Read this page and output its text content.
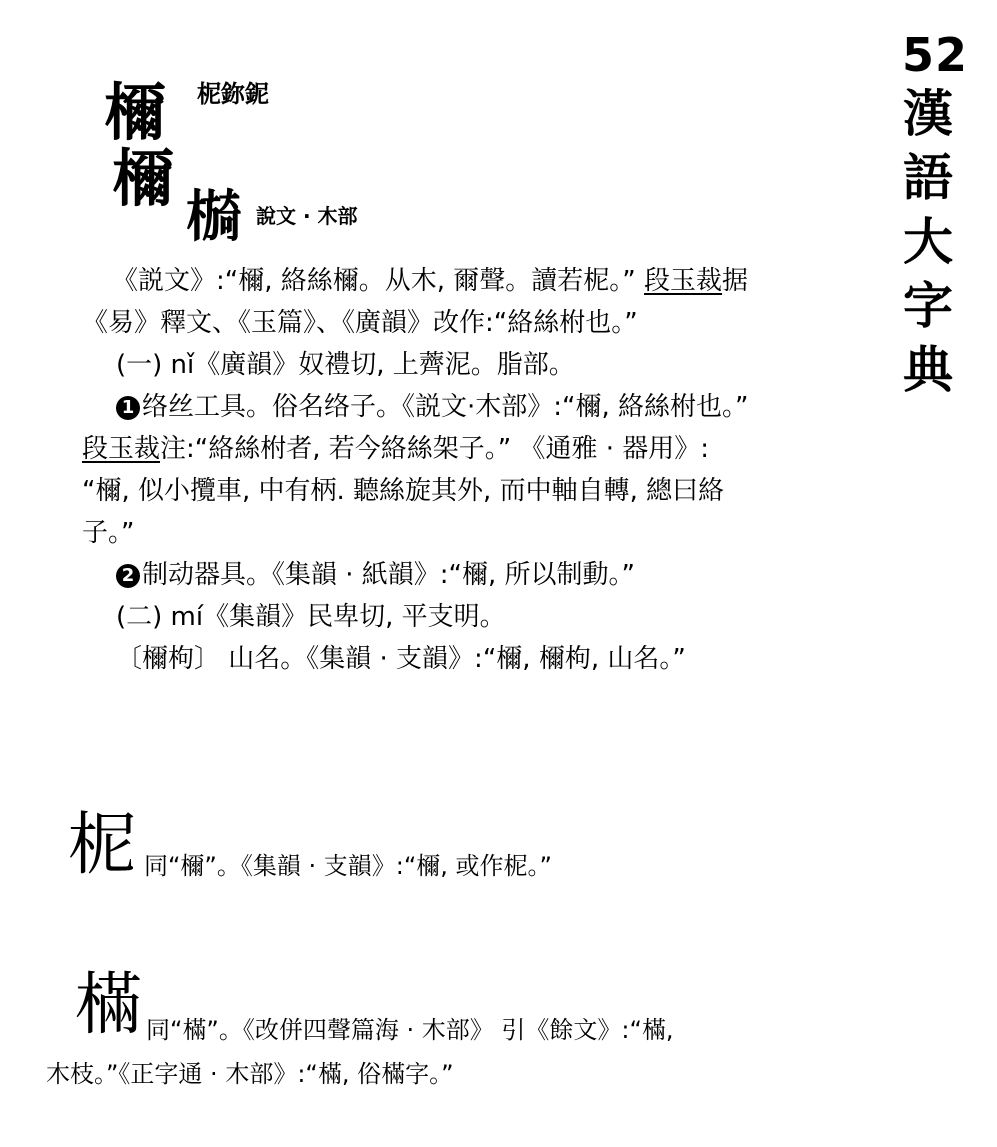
52
漢
語
大
字
典
檷 柅鉨鈮
檷
𣚂 說文 · 木部
《説文》:“檷, 絡絲檷。从木, 爾聲。讀若柅。” 段玉裁据
《易》釋文、《玉篇》、《廣韻》改作:“絡絲柎也。”
(一) nǐ《廣韻》奴禮切, 上薺泥。脂部。
1 络丝工具。俗名络子。《説文·木部》:“檷, 絡絲柎也。”
段玉裁注:“絡絲柎者, 若今絡絲架子。” 《通雅 · 器用》:
“檷, 似小攬車, 中有柄. 聽絲旋其外, 而中軸自轉, 總曰絡
子。”
2 制动器具。《集韻 · 紙韻》:“檷, 所以制動。”
(二) mí《集韻》民卑切, 平支明。
〔檷枸〕 山名。《集韻 · 支韻》:“檷, 檷枸, 山名。”
柅 同“檷”。《集韻 · 支韻》:“檷, 或作柅。”
樠 同“樠”。《改併四聲篇海 · 木部》 引《餘文》:“樠,
木枝。”《正字通 · 木部》:“樠, 俗樠字。”
